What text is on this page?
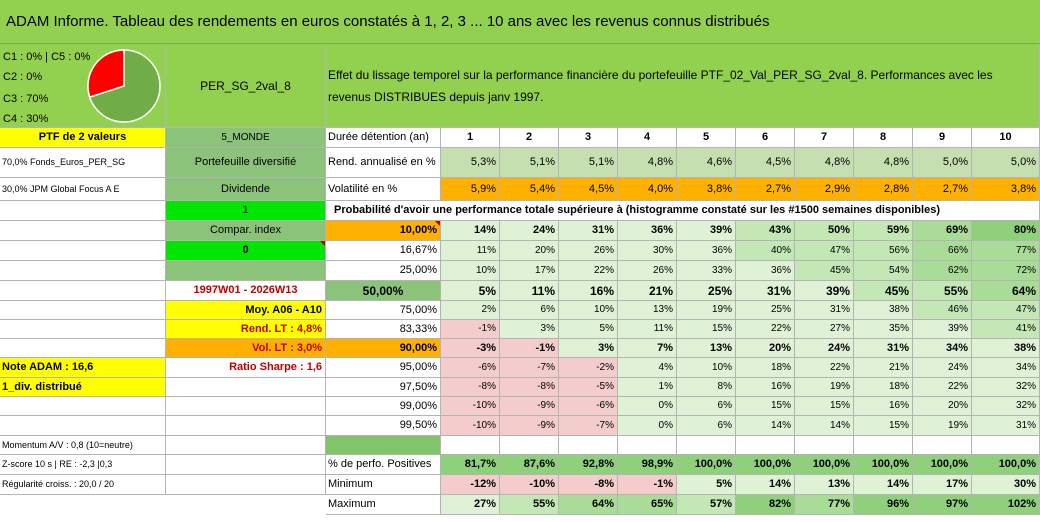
ADAM Informe. Tableau des rendements en euros constatés à 1, 2, 3 ... 10 ans avec les revenus connus distribués
C1 : 0% | C5 : 0%
C2 : 0%
C3 : 70%
C4 : 30%
PER_SG_2val_8
Effet du lissage temporel sur la performance financière du portefeuille PTF_02_Val_PER_SG_2val_8. Performances avec les revenus DISTRIBUES depuis janv 1997.
PTF de 2 valeurs	5_MONDE
70,0% Fonds_Euros_PER_SG	Portefeuille diversifié
30,0% JPM Global Focus A E	Dividende
1
Compar. index
0
1997W01 - 2026W13
Moy. A06 - A10
Rend. LT : 4,8%
Vol. LT : 3,0%
Note ADAM : 16,6	Ratio Sharpe : 1,6
1_div. distribué
Momentum A/V : 0,8 (10=neutre)
Z-score 10 s | RE : -2,3 |0,3
Régularité croiss. : 20,0 / 20
Durée détention (an)	1	2	3	4	5	6	7	8	9	10
Rend. annualisé en %	5,3%	5,1%	5,1%	4,8%	4,6%	4,5%	4,8%	4,8%	5,0%	5,0%
Volatilité en %	5,9%	5,4%	4,5%	4,0%	3,8%	2,7%	2,9%	2,8%	2,7%	3,8%
Probabilité d'avoir une performance totale supérieure à (histogramme constaté sur les #1500 semaines disponibles)
10,00%	14%	24%	31%	36%	39%	43%	50%	59%	69%	80%
16,67%	11%	20%	26%	30%	36%	40%	47%	56%	66%	77%
25,00%	10%	17%	22%	26%	33%	36%	45%	54%	62%	72%
50,00%	5%	11%	16%	21%	25%	31%	39%	45%	55%	64%
75,00%	2%	6%	10%	13%	19%	25%	31%	38%	46%	47%
83,33%	-1%	3%	5%	11%	15%	22%	27%	35%	39%	41%
90,00%	-3%	-1%	3%	7%	13%	20%	24%	31%	34%	38%
95,00%	-6%	-7%	-2%	4%	10%	18%	22%	21%	24%	34%
97,50%	-8%	-8%	-5%	1%	8%	16%	19%	18%	22%	32%
99,00%	-10%	-9%	-6%	0%	6%	15%	15%	16%	20%	32%
99,50%	-10%	-9%	-7%	0%	6%	14%	14%	15%	19%	31%
% de perfo. Positives	81,7%	87,6%	92,8%	98,9%	100,0%	100,0%	100,0%	100,0%	100,0%	100,0%
Minimum	-12%	-10%	-8%	-1%	5%	14%	13%	14%	17%	30%
Maximum	27%	55%	64%	65%	57%	82%	77%	96%	97%	102%
